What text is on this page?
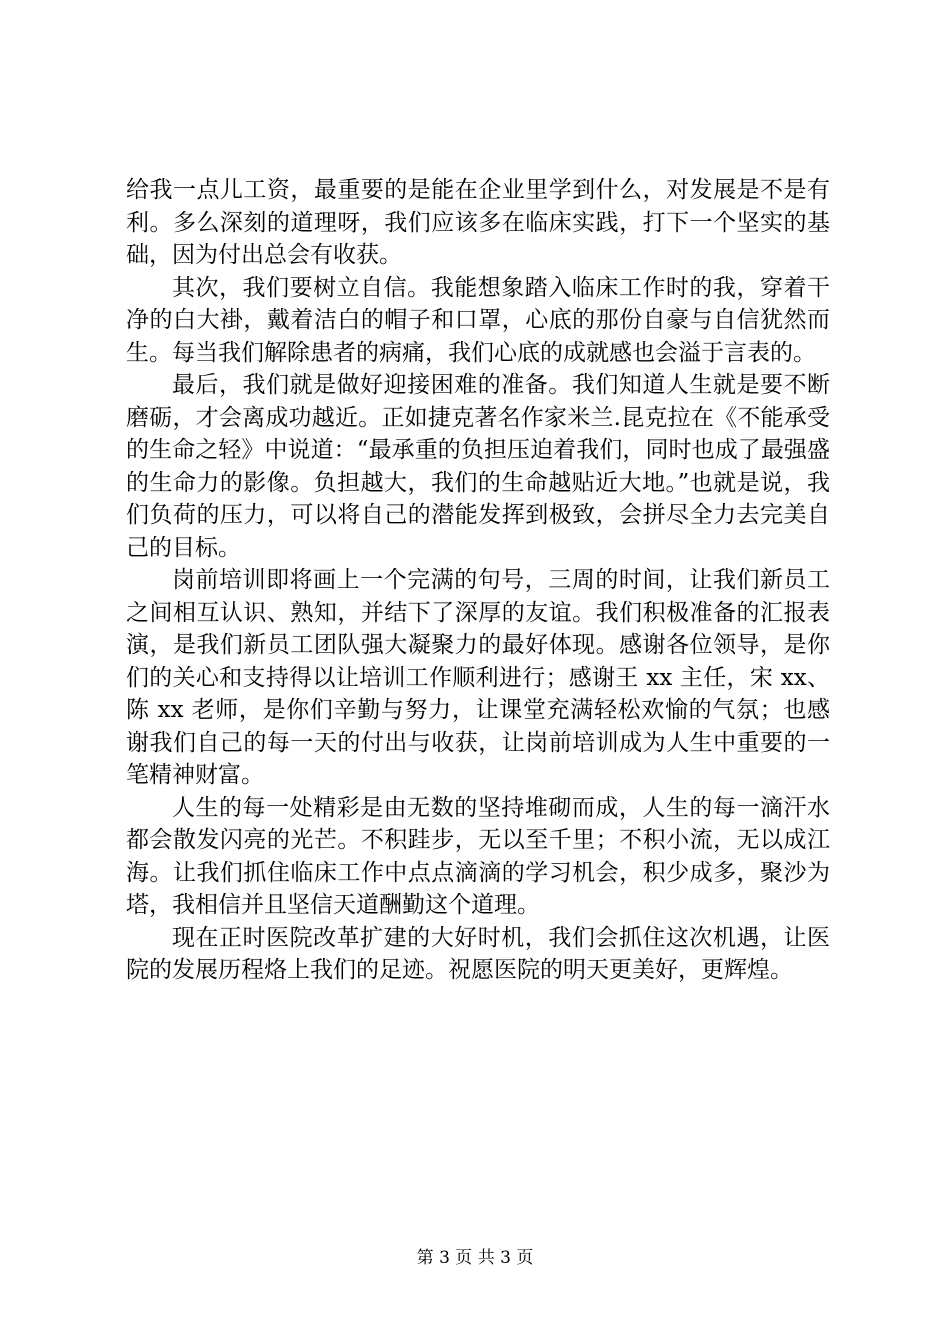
给我一点儿工资，最重要的是能在企业里学到什么，对发展是不是有利。多么深刻的道理呀，我们应该多在临床实践，打下一个坚实的基础，因为付出总会有收获。

其次，我们要树立自信。我能想象踏入临床工作时的我，穿着干净的白大褂，戴着洁白的帽子和口罩，心底的那份自豪与自信犹然而生。每当我们解除患者的病痛，我们心底的成就感也会溢于言表的。

最后，我们就是做好迎接困难的准备。我们知道人生就是要不断磨砺，才会离成功越近。正如捷克著名作家米兰.昆克拉在《不能承受的生命之轻》中说道：“最承重的负担压迫着我们，同时也成了最强盛的生命力的影像。负担越大，我们的生命越贴近大地。”也就是说，我们负荷的压力，可以将自己的潜能发挥到极致，会拼尽全力去完美自己的目标。

岗前培训即将画上一个完满的句号，三周的时间，让我们新员工之间相互认识、熟知，并结下了深厚的友谊。我们积极准备的汇报表演，是我们新员工团队强大凝聚力的最好体现。感谢各位领导，是你们的关心和支持得以让培训工作顺利进行；感谢王 xx 主任，宋 xx、陈 xx 老师，是你们辛勤与努力，让课堂充满轻松欢愉的气氛；也感谢我们自己的每一天的付出与收获，让岗前培训成为人生中重要的一笔精神财富。

人生的每一处精彩是由无数的坚持堆砌而成，人生的每一滴汗水都会散发闪亮的光芒。不积跬步，无以至千里；不积小流，无以成江海。让我们抓住临床工作中点点滴滴的学习机会，积少成多，聚沙为塔，我相信并且坚信天道酬勤这个道理。

现在正时医院改革扩建的大好时机，我们会抓住这次机遇，让医院的发展历程烙上我们的足迹。祝愿医院的明天更美好，更辉煌。

第 3 页 共 3 页
